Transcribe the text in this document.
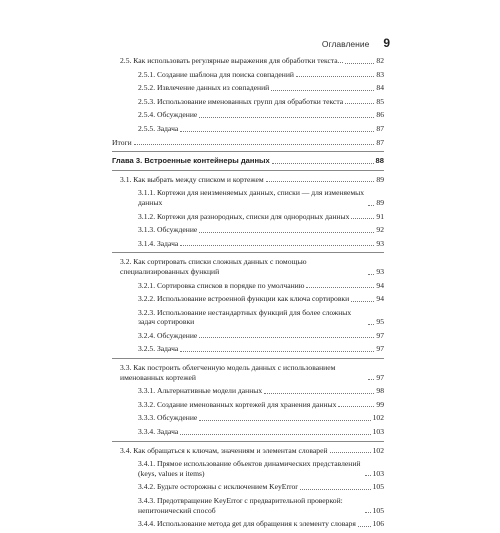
Оглавление 9
2.5. Как использовать регулярные выражения для обработки текста...	82
2.5.1. Создание шаблона для поиска совпадений	83
2.5.2. Извлечение данных из совпадений	84
2.5.3. Использование именованных групп для обработки текста	85
2.5.4. Обсуждение	86
2.5.5. Задача	87
Итоги	87
Глава 3. Встроенные контейнеры данных	88
3.1. Как выбрать между списком и кортежем	89
3.1.1. Кортежи для неизменяемых данных, списки — для изменяемых данных	89
3.1.2. Кортежи для разнородных, списки для однородных данных	91
3.1.3. Обсуждение	92
3.1.4. Задача	93
3.2. Как сортировать списки сложных данных с помощью специализированных функций	93
3.2.1. Сортировка списков в порядке по умолчанию	94
3.2.2. Использование встроенной функции как ключа сортировки	94
3.2.3. Использование нестандартных функций для более сложных задач сортировки	95
3.2.4. Обсуждение	97
3.2.5. Задача	97
3.3. Как построить облегченную модель данных с использованием именованных кортежей	97
3.3.1. Альтернативные модели данных	98
3.3.2. Создание именованных кортежей для хранения данных	99
3.3.3. Обсуждение	102
3.3.4. Задача	103
3.4. Как обращаться к ключам, значениям и элементам словарей	102
3.4.1. Прямое использование объектов динамических представлений (keys, values и items)	103
3.4.2. Будьте осторожны с исключением KeyError	105
3.4.3. Предотвращение KeyError с предварительной проверкой: непитонический способ	105
3.4.4. Использование метода get для обращения к элементу словаря 106
